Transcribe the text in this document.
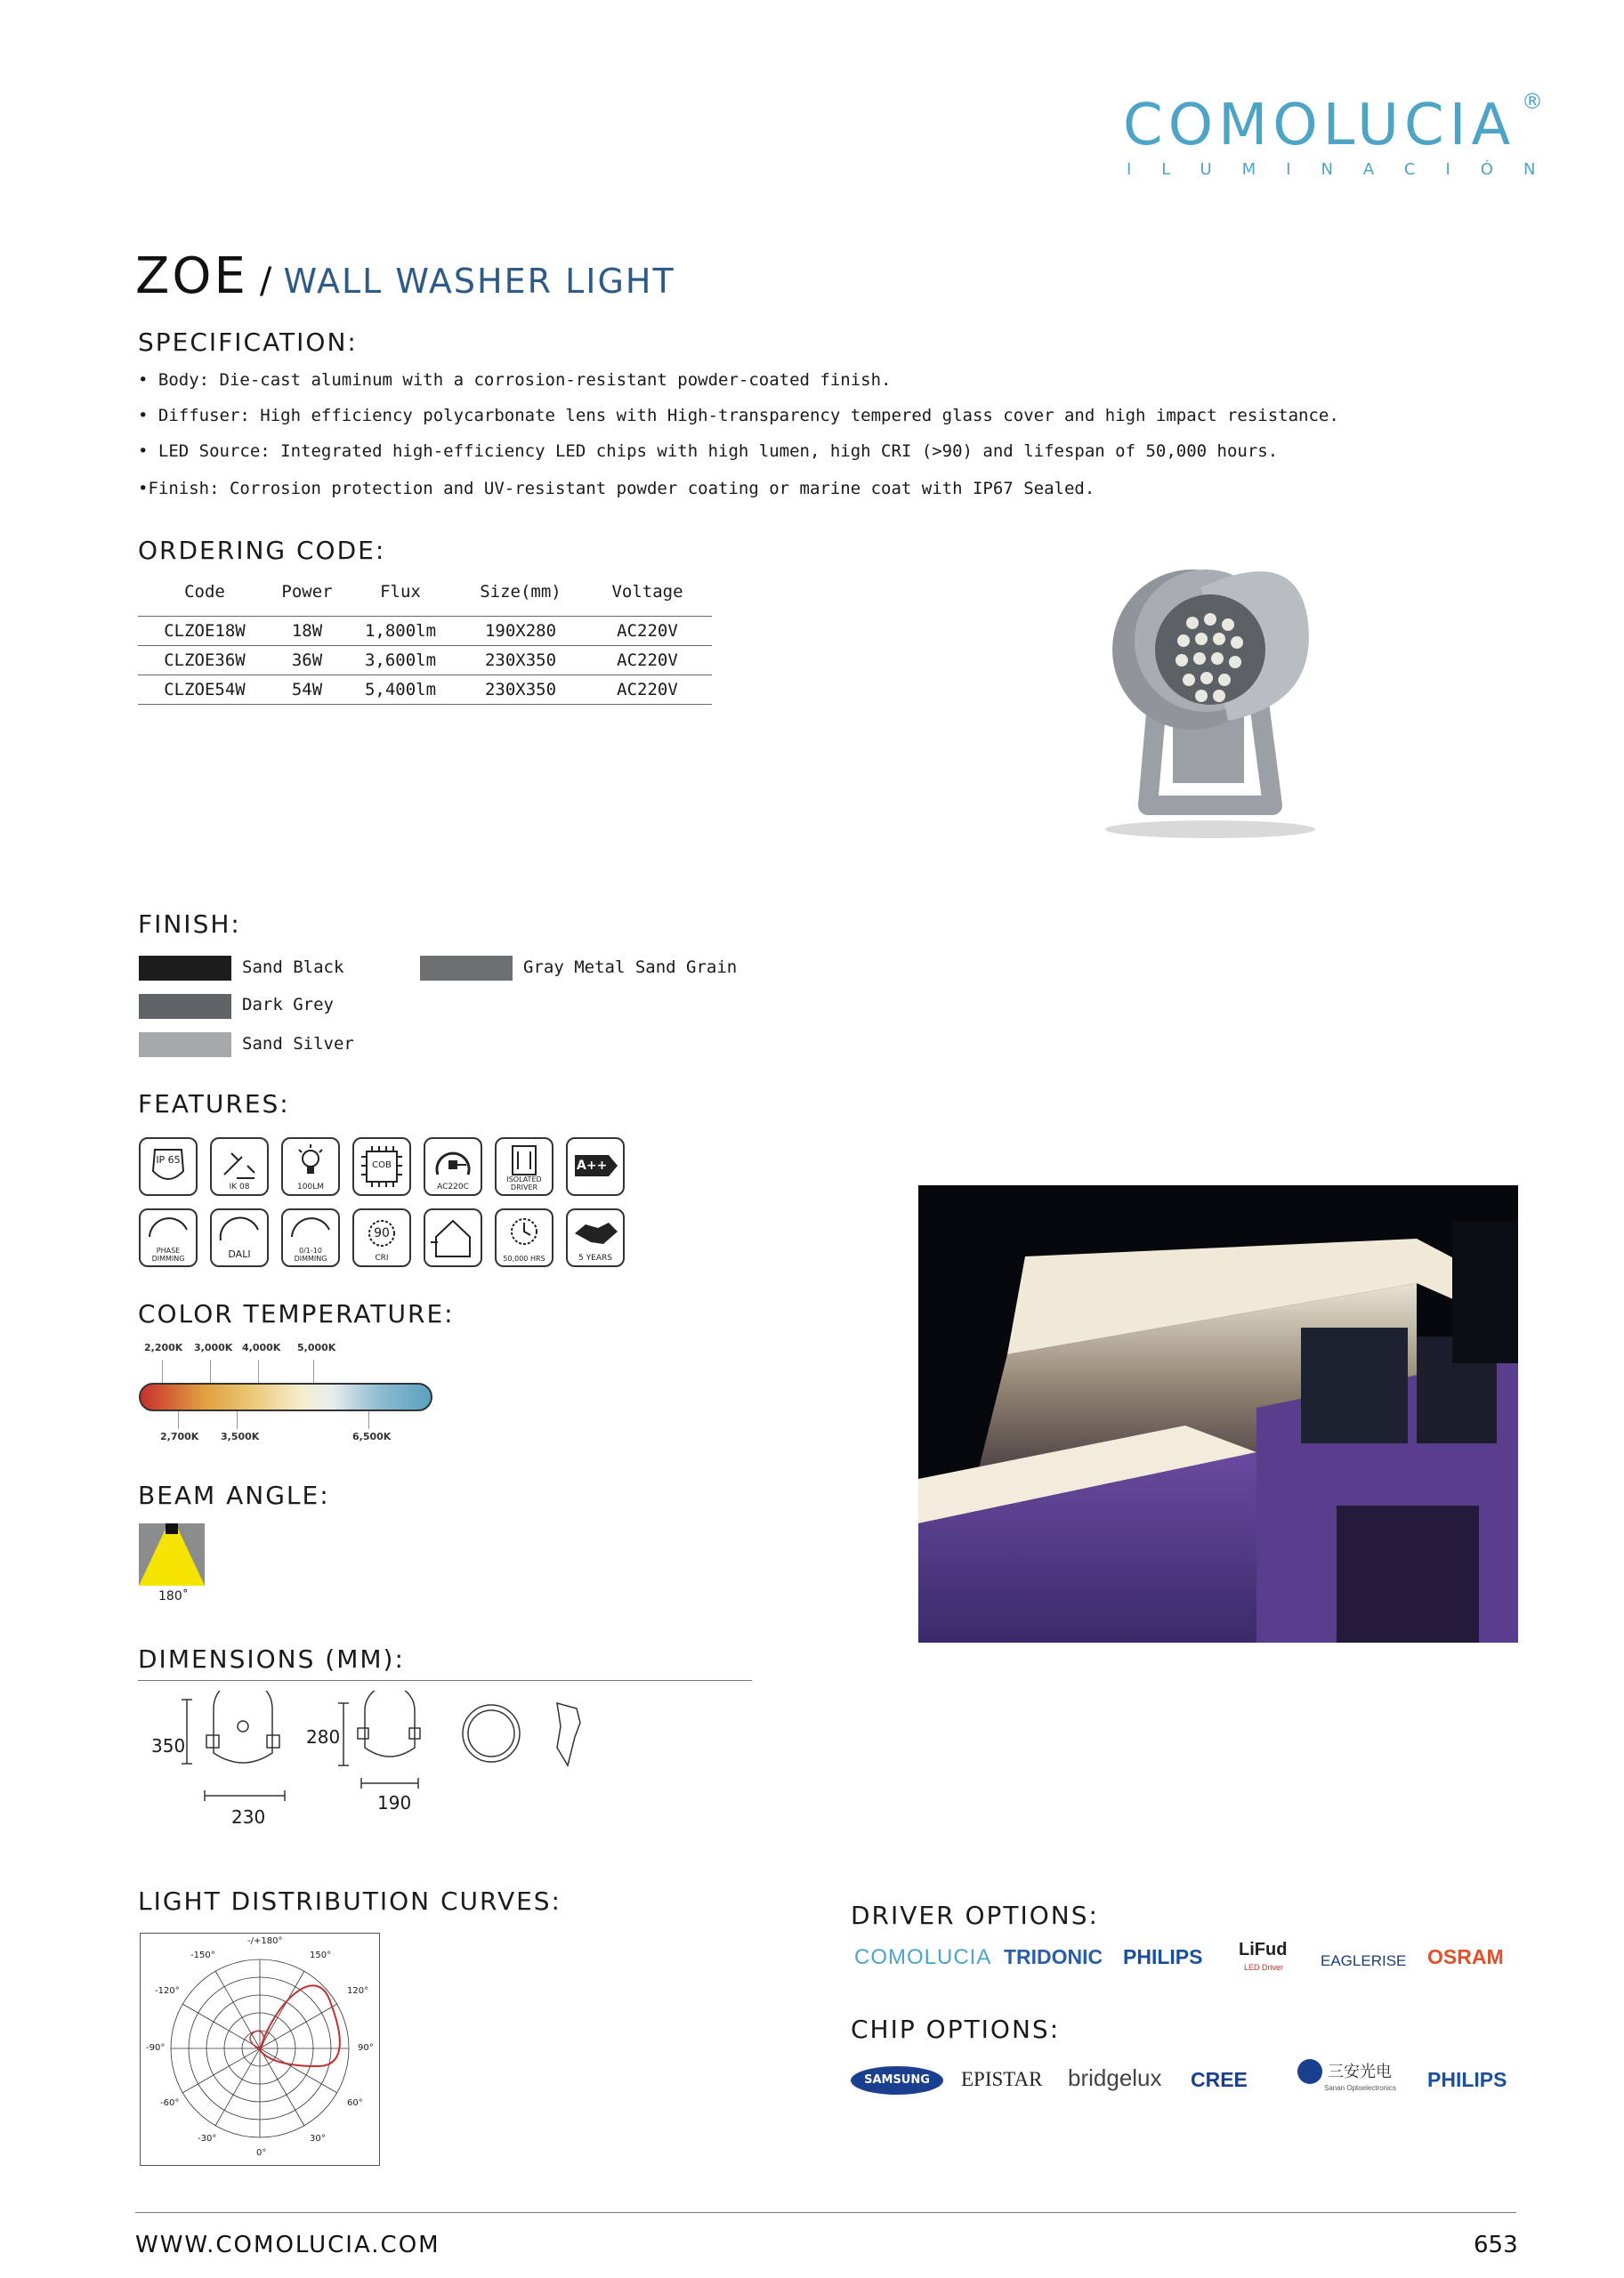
COMOLUCIA ®
ILUMINACIÓN
ZOE / WALL WASHER LIGHT
SPECIFICATION:
• Body: Die-cast aluminum with a corrosion-resistant powder-coated finish.
• Diffuser: High efficiency polycarbonate lens with High-transparency tempered glass cover and high impact resistance.
• LED Source: Integrated high-efficiency LED chips with high lumen, high CRI (>90) and lifespan of 50,000 hours.
•Finish: Corrosion protection and UV-resistant powder coating or marine coat with IP67 Sealed.
ORDERING CODE:
Code	Power	Flux	Size(mm)	Voltage
CLZOE18W	18W	1,800lm	190X280	AC220V
CLZOE36W	36W	3,600lm	230X350	AC220V
CLZOE54W	54W	5,400lm	230X350	AC220V
FINISH:
Sand Black
Dark Grey
Sand Silver
Gray Metal Sand Grain
FEATURES:
IP 65
IK 08	100LM
COB
AC220C
ISOLATED DRIVER
A++
PHASE DIMMING	DALI	0/1-10 DIMMING
90
CRI	50,000 HRS	5 YEARS
COLOR TEMPERATURE:
2,200K 3,000K 4,000K 5,000K
2,700K 3,500K	6,500K
BEAM ANGLE:
180˚
DIMENSIONS (MM):
350
230
280
190
LIGHT DISTRIBUTION CURVES:
-/+180°
-150°	150°
-120°	120°
-90°	90°
-60°	60°
-30°	30°
0°
DRIVER OPTIONS:
COMOLUCIA TRIDONIC PHILIPS LiFud
LED Driver EAGLERISE OSRAM
CHIP OPTIONS:
SAMSUNG	EPISTAR bridgelux CREE	三安光电
Sanan Optoelectronics PHILIPS
WWW.COMOLUCIA.COM	653
